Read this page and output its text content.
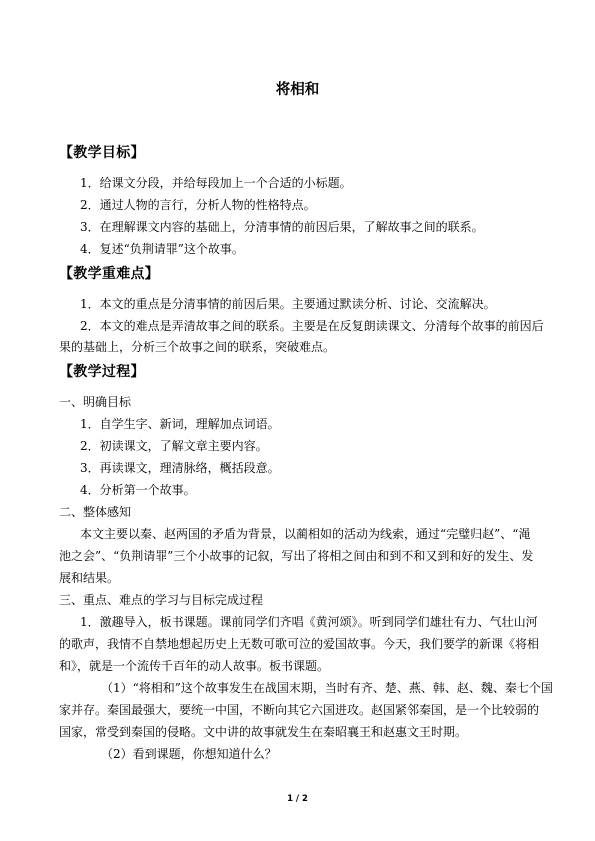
将相和
【教学目标】
1．给课文分段，并给每段加上一个合适的小标题。
2．通过人物的言行，分析人物的性格特点。
3．在理解课文内容的基础上，分清事情的前因后果，了解故事之间的联系。
4．复述“负荆请罪”这个故事。
【教学重难点】
1．本文的重点是分清事情的前因后果。主要通过默读分析、讨论、交流解决。
2．本文的难点是弄清故事之间的联系。主要是在反复朗读课文、分清每个故事的前因后
果的基础上，分析三个故事之间的联系，突破难点。
【教学过程】
一、明确目标
1．自学生字、新词，理解加点词语。
2．初读课文，了解文章主要内容。
3．再读课文，理清脉络，概括段意。
4．分析第一个故事。
二、整体感知
本文主要以秦、赵两国的矛盾为背景，以蔺相如的活动为线索，通过“完璧归赵”、“渑
池之会”、“负荆请罪”三个小故事的记叙，写出了将相之间由和到不和又到和好的发生、发
展和结果。
三、重点、难点的学习与目标完成过程
1．激趣导入，板书课题。课前同学们齐唱《黄河颂》。听到同学们雄壮有力、气壮山河
的歌声，我情不自禁地想起历史上无数可歌可泣的爱国故事。今天，我们要学的新课《将相
和》，就是一个流传千百年的动人故事。板书课题。
（1）“将相和”这个故事发生在战国末期，当时有齐、楚、燕、韩、赵、魏、秦七个国
家并存。秦国最强大，要统一中国，不断向其它六国进攻。赵国紧邻秦国，是一个比较弱的
国家，常受到秦国的侵略。文中讲的故事就发生在秦昭襄王和赵惠文王时期。
（2）看到课题，你想知道什么？
1 / 2
